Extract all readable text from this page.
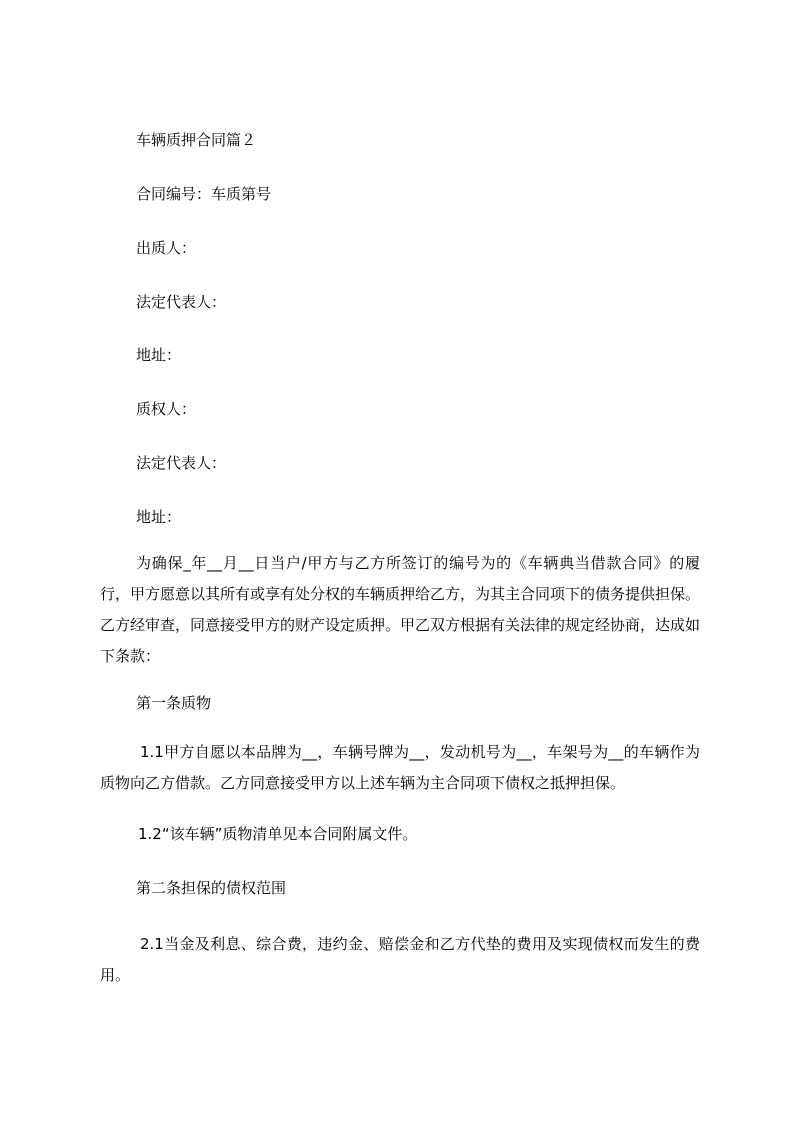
车辆质押合同篇２
合同编号：车质第号
出质人：
法定代表人：
地址：
质权人：
法定代表人：
地址：
为确保_年__月__日当户/甲方与乙方所签订的编号为的《车辆典当借款合同》的履行，甲方愿意以其所有或享有处分权的车辆质押给乙方，为其主合同项下的债务提供担保。乙方经审查，同意接受甲方的财产设定质押。甲乙双方根据有关法律的规定经协商，达成如下条款：
第一条质物
1.1甲方自愿以本品牌为__，车辆号牌为__，发动机号为__，车架号为__的车辆作为质物向乙方借款。乙方同意接受甲方以上述车辆为主合同项下债权之抵押担保。
1.2“该车辆”质物清单见本合同附属文件。
第二条担保的债权范围
2.1当金及利息、综合费，违约金、赔偿金和乙方代垫的费用及实现债权而发生的费用。
